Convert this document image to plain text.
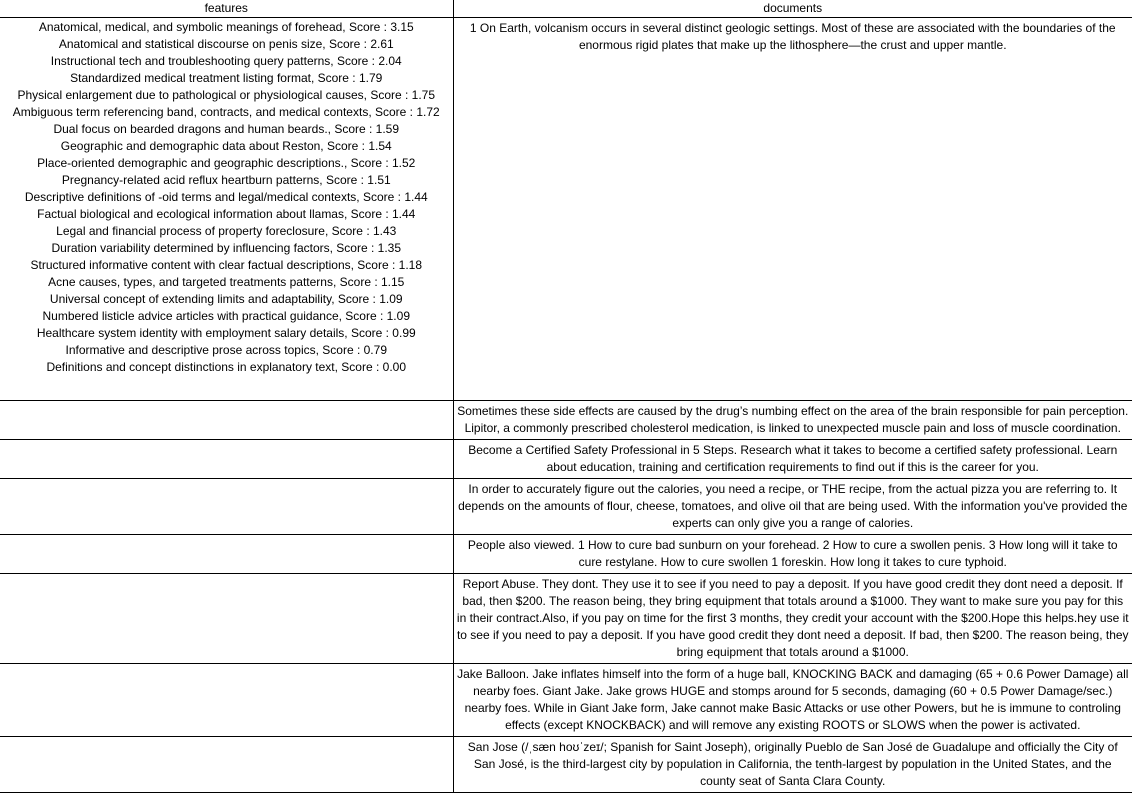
features	documents

Anatomical, medical, and symbolic meanings of forehead, Score : 3.15
Anatomical and statistical discourse on penis size, Score : 2.61
Instructional tech and troubleshooting query patterns, Score : 2.04
Standardized medical treatment listing format, Score : 1.79
Physical enlargement due to pathological or physiological causes, Score : 1.75
Ambiguous term referencing band, contracts, and medical contexts, Score : 1.72
Dual focus on bearded dragons and human beards., Score : 1.59
Geographic and demographic data about Reston, Score : 1.54
Place-oriented demographic and geographic descriptions., Score : 1.52
Pregnancy-related acid reflux heartburn patterns, Score : 1.51
Descriptive definitions of -oid terms and legal/medical contexts, Score : 1.44
Factual biological and ecological information about llamas, Score : 1.44
Legal and financial process of property foreclosure, Score : 1.43
Duration variability determined by influencing factors, Score : 1.35
Structured informative content with clear factual descriptions, Score : 1.18
Acne causes, types, and targeted treatments patterns, Score : 1.15
Universal concept of extending limits and adaptability, Score : 1.09
Numbered listicle advice articles with practical guidance, Score : 1.09
Healthcare system identity with employment salary details, Score : 0.99
Informative and descriptive prose across topics, Score : 0.79
Definitions and concept distinctions in explanatory text, Score : 0.00
	1 On Earth, volcanism occurs in several distinct geologic settings. Most of these are associated with the boundaries of the enormous rigid plates that make up the lithosphere—the crust and upper mantle.
	Sometimes these side effects are caused by the drug’s numbing effect on the area of the brain responsible for pain perception. Lipitor, a commonly prescribed cholesterol medication, is linked to unexpected muscle pain and loss of muscle coordination.
	Become a Certified Safety Professional in 5 Steps. Research what it takes to become a certified safety professional. Learn about education, training and certification requirements to find out if this is the career for you.
	In order to accurately figure out the calories, you need a recipe, or THE recipe, from the actual pizza you are referring to. It depends on the amounts of flour, cheese, tomatoes, and olive oil that are being used. With the information you've provided the experts can only give you a range of calories.
	People also viewed. 1 How to cure bad sunburn on your forehead. 2 How to cure a swollen penis. 3 How long will it take to cure restylane. How to cure swollen 1 foreskin. How long it takes to cure typhoid.
	Report Abuse. They dont. They use it to see if you need to pay a deposit. If you have good credit they dont need a deposit. If bad, then $200. The reason being, they bring equipment that totals around a $1000. They want to make sure you pay for this in their contract.Also, if you pay on time for the first 3 months, they credit your account with the $200.Hope this helps.hey use it to see if you need to pay a deposit. If you have good credit they dont need a deposit. If bad, then $200. The reason being, they bring equipment that totals around a $1000.
	Jake Balloon. Jake inflates himself into the form of a huge ball, KNOCKING BACK and damaging (65 + 0.6 Power Damage) all nearby foes. Giant Jake. Jake grows HUGE and stomps around for 5 seconds, damaging (60 + 0.5 Power Damage/sec.) nearby foes. While in Giant Jake form, Jake cannot make Basic Attacks or use other Powers, but he is immune to controling effects (except KNOCKBACK) and will remove any existing ROOTS or SLOWS when the power is activated.
	San Jose (/ˌsæn hoʊˈzeɪ/; Spanish for Saint Joseph), originally Pueblo de San José de Guadalupe and officially the City of San José, is the third-largest city by population in California, the tenth-largest by population in the United States, and the county seat of Santa Clara County.
